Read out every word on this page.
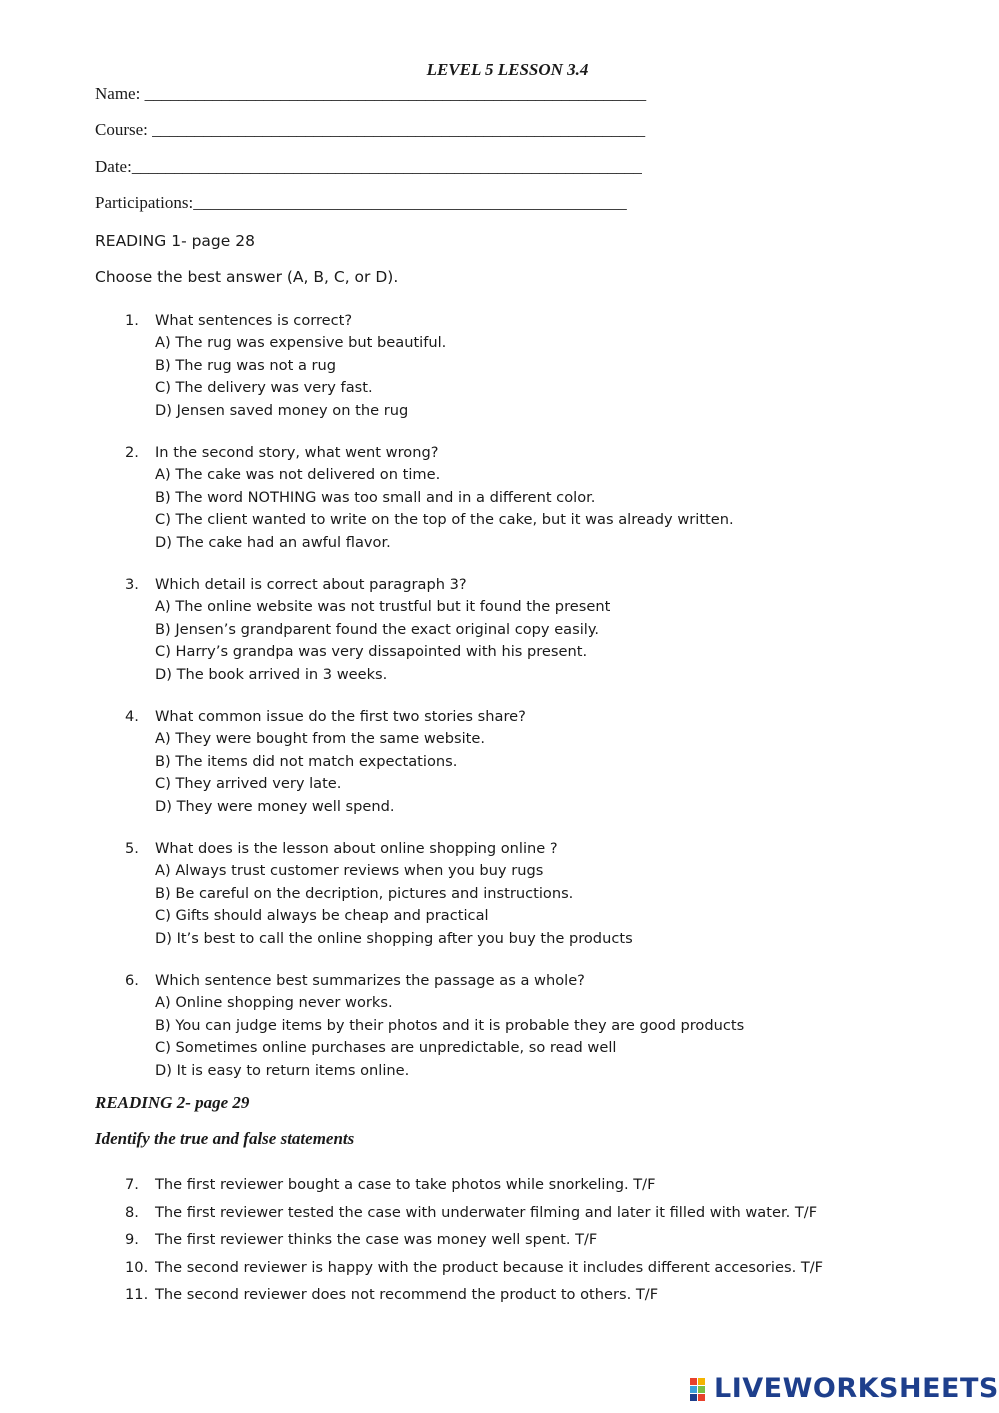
LEVEL 5 LESSON 3.4
Name: ___________________________________________________________
Course: __________________________________________________________
Date:____________________________________________________________
Participations:___________________________________________________
READING 1- page 28
Choose the best answer (A, B, C, or D).
1. What sentences is correct?
A) The rug was expensive but beautiful.
B) The rug was not a rug
C) The delivery was very fast.
D) Jensen saved money on the rug
2. In the second story, what went wrong?
A) The cake was not delivered on time.
B) The word NOTHING was too small and in a different color.
C) The client wanted to write on the top of the cake, but it was already written.
D) The cake had an awful flavor.
3. Which detail is correct about paragraph 3?
A) The online website was not trustful but it found the present
B) Jensen’s grandparent found the exact original copy easily.
C) Harry’s grandpa was very dissapointed with his present.
D) The book arrived in 3 weeks.
4. What common issue do the first two stories share?
A) They were bought from the same website.
B) The items did not match expectations.
C) They arrived very late.
D) They were money well spend.
5. What does is the lesson about online shopping online ?
A) Always trust customer reviews when you buy rugs
B) Be careful on the decription, pictures and instructions.
C) Gifts should always be cheap and practical
D) It’s best to call the online shopping after you buy the products
6. Which sentence best summarizes the passage as a whole?
A) Online shopping never works.
B) You can judge items by their photos and it is probable they are good products
C) Sometimes online purchases are unpredictable, so read well
D) It is easy to return items online.
READING 2- page 29
Identify the true and false statements
7. The first reviewer bought a case to take photos while snorkeling. T/F
8. The first reviewer tested the case with underwater filming and later it filled with water. T/F
9. The first reviewer thinks the case was money well spent. T/F
10. The second reviewer is happy with the product because it includes different accesories. T/F
11. The second reviewer does not recommend the product to others. T/F
LIVEWORKSHEETS
